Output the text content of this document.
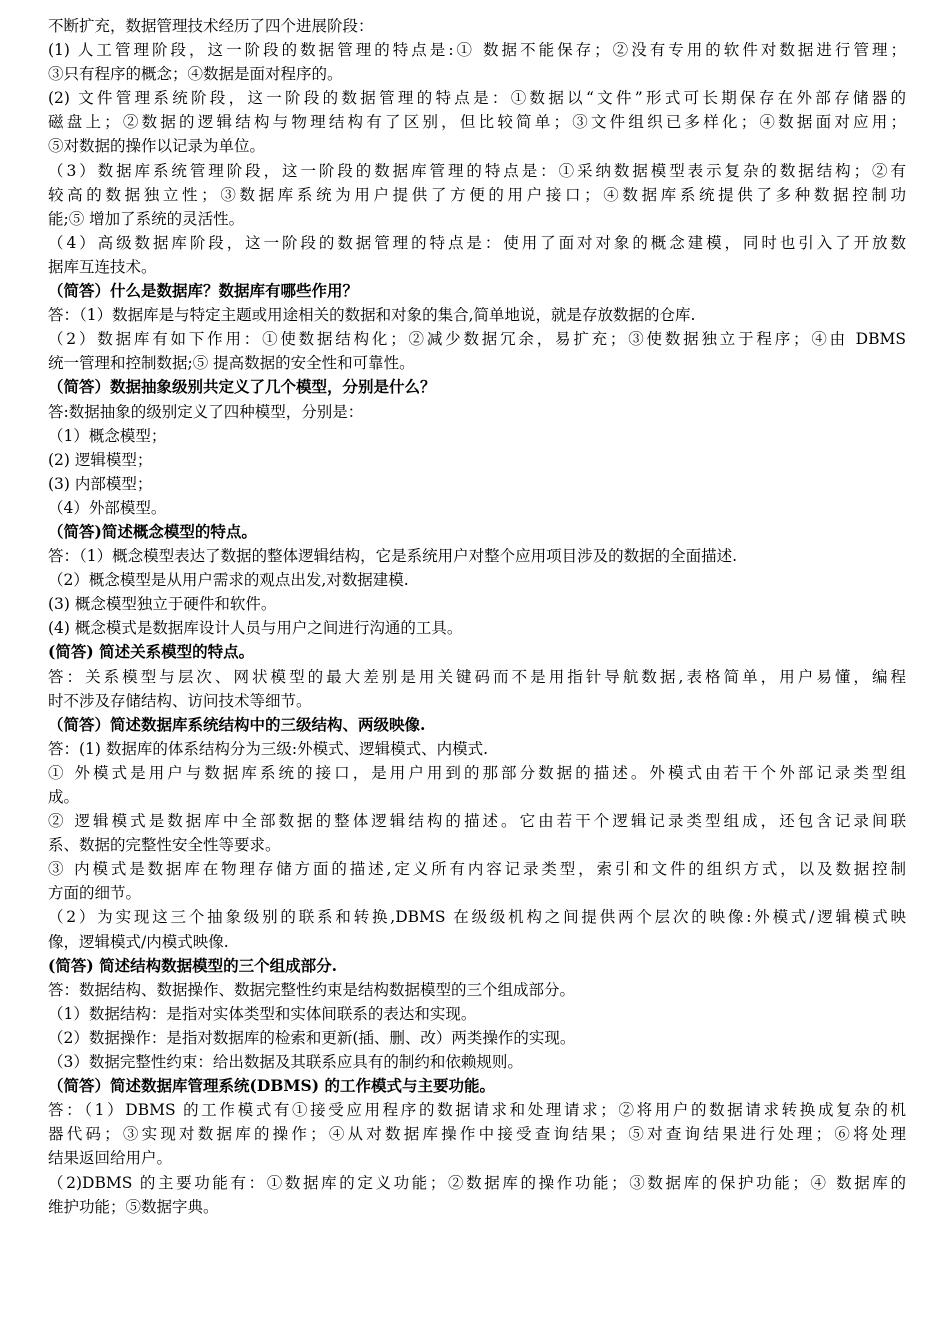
不断扩充，数据管理技术经历了四个进展阶段：
(1) 人工管理阶段，这一阶段的数据管理的特点是:① 数据不能保存；②没有专用的软件对数据进行管理；
③只有程序的概念；④数据是面对程序的。
(2) 文件管理系统阶段，这一阶段的数据管理的特点是：①数据以“文件”形式可长期保存在外部存储器的
磁盘上；②数据的逻辑结构与物理结构有了区别，但比较简单；③文件组织已多样化；④数据面对应用；
⑤对数据的操作以记录为单位。
（3）数据库系统管理阶段，这一阶段的数据库管理的特点是：①采纳数据模型表示复杂的数据结构；②有
较高的数据独立性；③数据库系统为用户提供了方便的用户接口；④数据库系统提供了多种数据控制功
能;⑤ 增加了系统的灵活性。
（4）高级数据库阶段，这一阶段的数据管理的特点是：使用了面对对象的概念建模，同时也引入了开放数
据库互连技术。
（简答）什么是数据库？数据库有哪些作用？
答：（1）数据库是与特定主题或用途相关的数据和对象的集合,简单地说，就是存放数据的仓库.
（2）数据库有如下作用：①使数据结构化；②减少数据冗余，易扩充；③使数据独立于程序；④由 DBMS
统一管理和控制数据;⑤ 提高数据的安全性和可靠性。
（简答）数据抽象级别共定义了几个模型，分别是什么？
答:数据抽象的级别定义了四种模型，分别是：
（1）概念模型；
(2) 逻辑模型；
(3) 内部模型；
（4）外部模型。
（简答)简述概念模型的特点。
答：（1）概念模型表达了数据的整体逻辑结构，它是系统用户对整个应用项目涉及的数据的全面描述.
（2）概念模型是从用户需求的观点出发,对数据建模.
(3) 概念模型独立于硬件和软件。
(4) 概念模式是数据库设计人员与用户之间进行沟通的工具。
(简答) 简述关系模型的特点。
答：关系模型与层次、网状模型的最大差别是用关键码而不是用指针导航数据,表格简单，用户易懂，编程
时不涉及存储结构、访问技术等细节。
（简答）简述数据库系统结构中的三级结构、两级映像.
答：(1) 数据库的体系结构分为三级:外模式、逻辑模式、内模式.
① 外模式是用户与数据库系统的接口，是用户用到的那部分数据的描述。外模式由若干个外部记录类型组
成。
② 逻辑模式是数据库中全部数据的整体逻辑结构的描述。它由若干个逻辑记录类型组成，还包含记录间联
系、数据的完整性安全性等要求。
③ 内模式是数据库在物理存储方面的描述,定义所有内容记录类型，索引和文件的组织方式，以及数据控制
方面的细节。
（2）为实现这三个抽象级别的联系和转换,DBMS 在级级机构之间提供两个层次的映像:外模式/逻辑模式映
像，逻辑模式/内模式映像.
(简答) 简述结构数据模型的三个组成部分.
答：数据结构、数据操作、数据完整性约束是结构数据模型的三个组成部分。
（1）数据结构：是指对实体类型和实体间联系的表达和实现。
（2）数据操作：是指对数据库的检索和更新(插、删、改）两类操作的实现。
（3）数据完整性约束：给出数据及其联系应具有的制约和依赖规则。
（简答）简述数据库管理系统(DBMS) 的工作模式与主要功能。
答：（1）DBMS 的工作模式有①接受应用程序的数据请求和处理请求；②将用户的数据请求转换成复杂的机
器代码；③实现对数据库的操作；④从对数据库操作中接受查询结果；⑤对查询结果进行处理；⑥将处理
结果返回给用户。
（2)DBMS 的主要功能有：①数据库的定义功能；②数据库的操作功能；③数据库的保护功能；④ 数据库的
维护功能；⑤数据字典。
